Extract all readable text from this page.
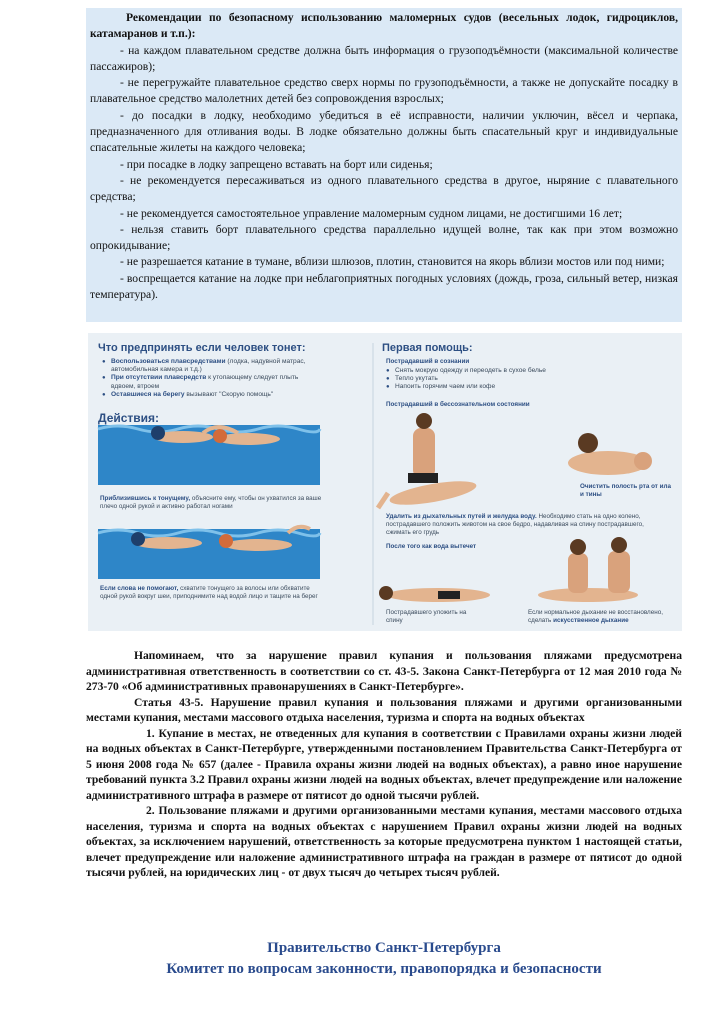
Рекомендации по безопасному использованию маломерных судов (весельных лодок, гидроциклов, катамаранов и т.п.):

- на каждом плавательном средстве должна быть информация о грузоподъёмности (максимальной количестве пассажиров);

- не перегружайте плавательное средство сверх нормы по грузоподъёмности, а также не допускайте посадку в плавательное средство малолетних детей без сопровождения взрослых;

- до посадки в лодку, необходимо убедиться в её исправности, наличии уключин, вёсел и черпака, предназначенного для отливания воды. В лодке обязательно должны быть спасательный круг и индивидуальные спасательные жилеты на каждого человека;

- при посадке в лодку запрещено вставать на борт или сиденья;

- не рекомендуется пересаживаться из одного плавательного средства в другое, ныряние с плавательного средства;

- не рекомендуется самостоятельное управление маломерным судном лицами, не достигшими 16 лет;

- нельзя ставить борт плавательного средства параллельно идущей волне, так как при этом возможно опрокидывание;

- не разрешается катание в тумане, вблизи шлюзов, плотин, становится на якорь вблизи мостов или под ними;

- воспрещается катание на лодке при неблагоприятных погодных условиях (дождь, гроза, сильный ветер, низкая температура).

Что предпринять если человек тонет:
● Воспользоваться плавсредствами (лодка, надувной матрас, автомобильная камера и т.д.)
● При отсутствии плавсредств к утопающему следует плыть вдвоем, втроем
● Оставшиеся на берегу вызывают "Скорую помощь"
Действия:
Приблизившись к тонущему, объясните ему, чтобы он ухватился за ваше плечо одной рукой и активно работал ногами
Если слова не помогают, схватите тонущего за волосы или обхватите одной рукой вокруг шеи, приподнимите над водой лицо и тащите на берег
Первая помощь:
Пострадавший в сознании
● Снять мокрую одежду и переодеть в сухое белье
● Тепло укутать
● Напоить горячим чаем или кофе
Пострадавший в бессознательном состоянии
Очистить полость рта от ила и тины
Удалить из дыхательных путей и желудка воду. Необходимо стать на одно колено, пострадавшего положить животом на свое бедро, надавливая на спину пострадавшего, сжимать его грудь
После того как вода вытечет
Пострадавшего уложить на спину
Если нормальное дыхание не восстановлено, сделать искусственное дыхание

Напоминаем, что за нарушение правил купания и пользования пляжами предусмотрена административная ответственность в соответствии со ст. 43-5. Закона Санкт-Петербурга от 12 мая 2010 года № 273-70 «Об административных правонарушениях в Санкт-Петербурге».

Статья 43-5. Нарушение правил купания и пользования пляжами и другими организованными местами купания, местами массового отдыха населения, туризма и спорта на водных объектах

1. Купание в местах, не отведенных для купания в соответствии с Правилами охраны жизни людей на водных объектах в Санкт-Петербурге, утвержденными постановлением Правительства Санкт-Петербурга от 5 июня 2008 года № 657 (далее - Правила охраны жизни людей на водных объектах), а равно иное нарушение требований пункта 3.2 Правил охраны жизни людей на водных объектах, влечет предупреждение или наложение административного штрафа в размере от пятисот до одной тысячи рублей.

2. Пользование пляжами и другими организованными местами купания, местами массового отдыха населения, туризма и спорта на водных объектах с нарушением Правил охраны жизни людей на водных объектах, за исключением нарушений, ответственность за которые предусмотрена пунктом 1 настоящей статьи, влечет предупреждение или наложение административного штрафа на граждан в размере от пятисот до одной тысячи рублей, на юридических лиц - от двух тысяч до четырех тысяч рублей.

Правительство Санкт-Петербурга
Комитет по вопросам законности, правопорядка и безопасности
